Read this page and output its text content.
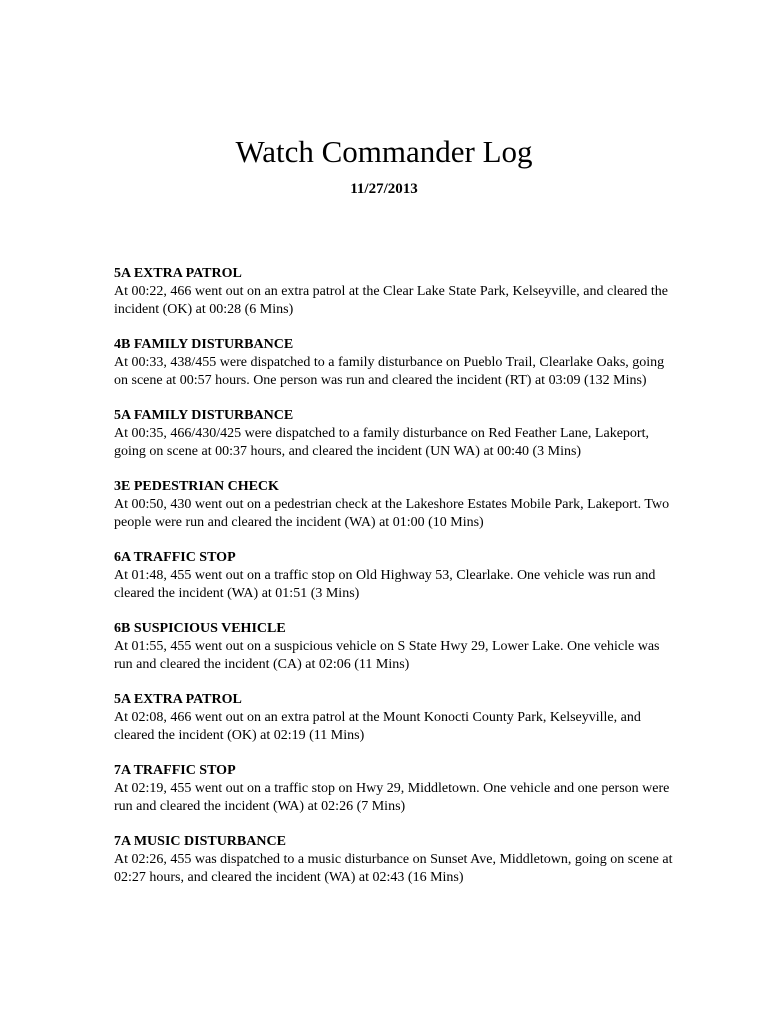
Watch Commander Log
11/27/2013
5A EXTRA PATROL
At 00:22, 466 went out on an extra patrol at the Clear Lake State Park, Kelseyville, and cleared the incident (OK) at 00:28 (6 Mins)
4B FAMILY DISTURBANCE
At 00:33, 438/455 were dispatched to a family disturbance on Pueblo Trail, Clearlake Oaks, going on scene at 00:57 hours. One person was run and cleared the incident (RT) at 03:09 (132 Mins)
5A FAMILY DISTURBANCE
At 00:35, 466/430/425 were dispatched to a family disturbance on Red Feather Lane, Lakeport, going on scene at 00:37 hours, and cleared the incident (UN WA) at 00:40 (3 Mins)
3E PEDESTRIAN CHECK
At 00:50, 430 went out on a pedestrian check at the Lakeshore Estates Mobile Park, Lakeport. Two people were run and cleared the incident (WA) at 01:00 (10 Mins)
6A TRAFFIC STOP
At 01:48, 455 went out on a traffic stop on Old Highway 53, Clearlake. One vehicle was run and cleared the incident (WA) at 01:51 (3 Mins)
6B SUSPICIOUS VEHICLE
At 01:55, 455 went out on a suspicious vehicle on S State Hwy 29, Lower Lake. One vehicle was run and cleared the incident (CA) at 02:06 (11 Mins)
5A EXTRA PATROL
At 02:08, 466 went out on an extra patrol at the Mount Konocti County Park, Kelseyville, and cleared the incident (OK) at 02:19 (11 Mins)
7A TRAFFIC STOP
At 02:19, 455 went out on a traffic stop on Hwy 29, Middletown. One vehicle and one person were run and cleared the incident (WA) at 02:26 (7 Mins)
7A MUSIC DISTURBANCE
At 02:26, 455 was dispatched to a music disturbance on Sunset Ave, Middletown, going on scene at 02:27 hours, and cleared the incident (WA) at 02:43 (16 Mins)
